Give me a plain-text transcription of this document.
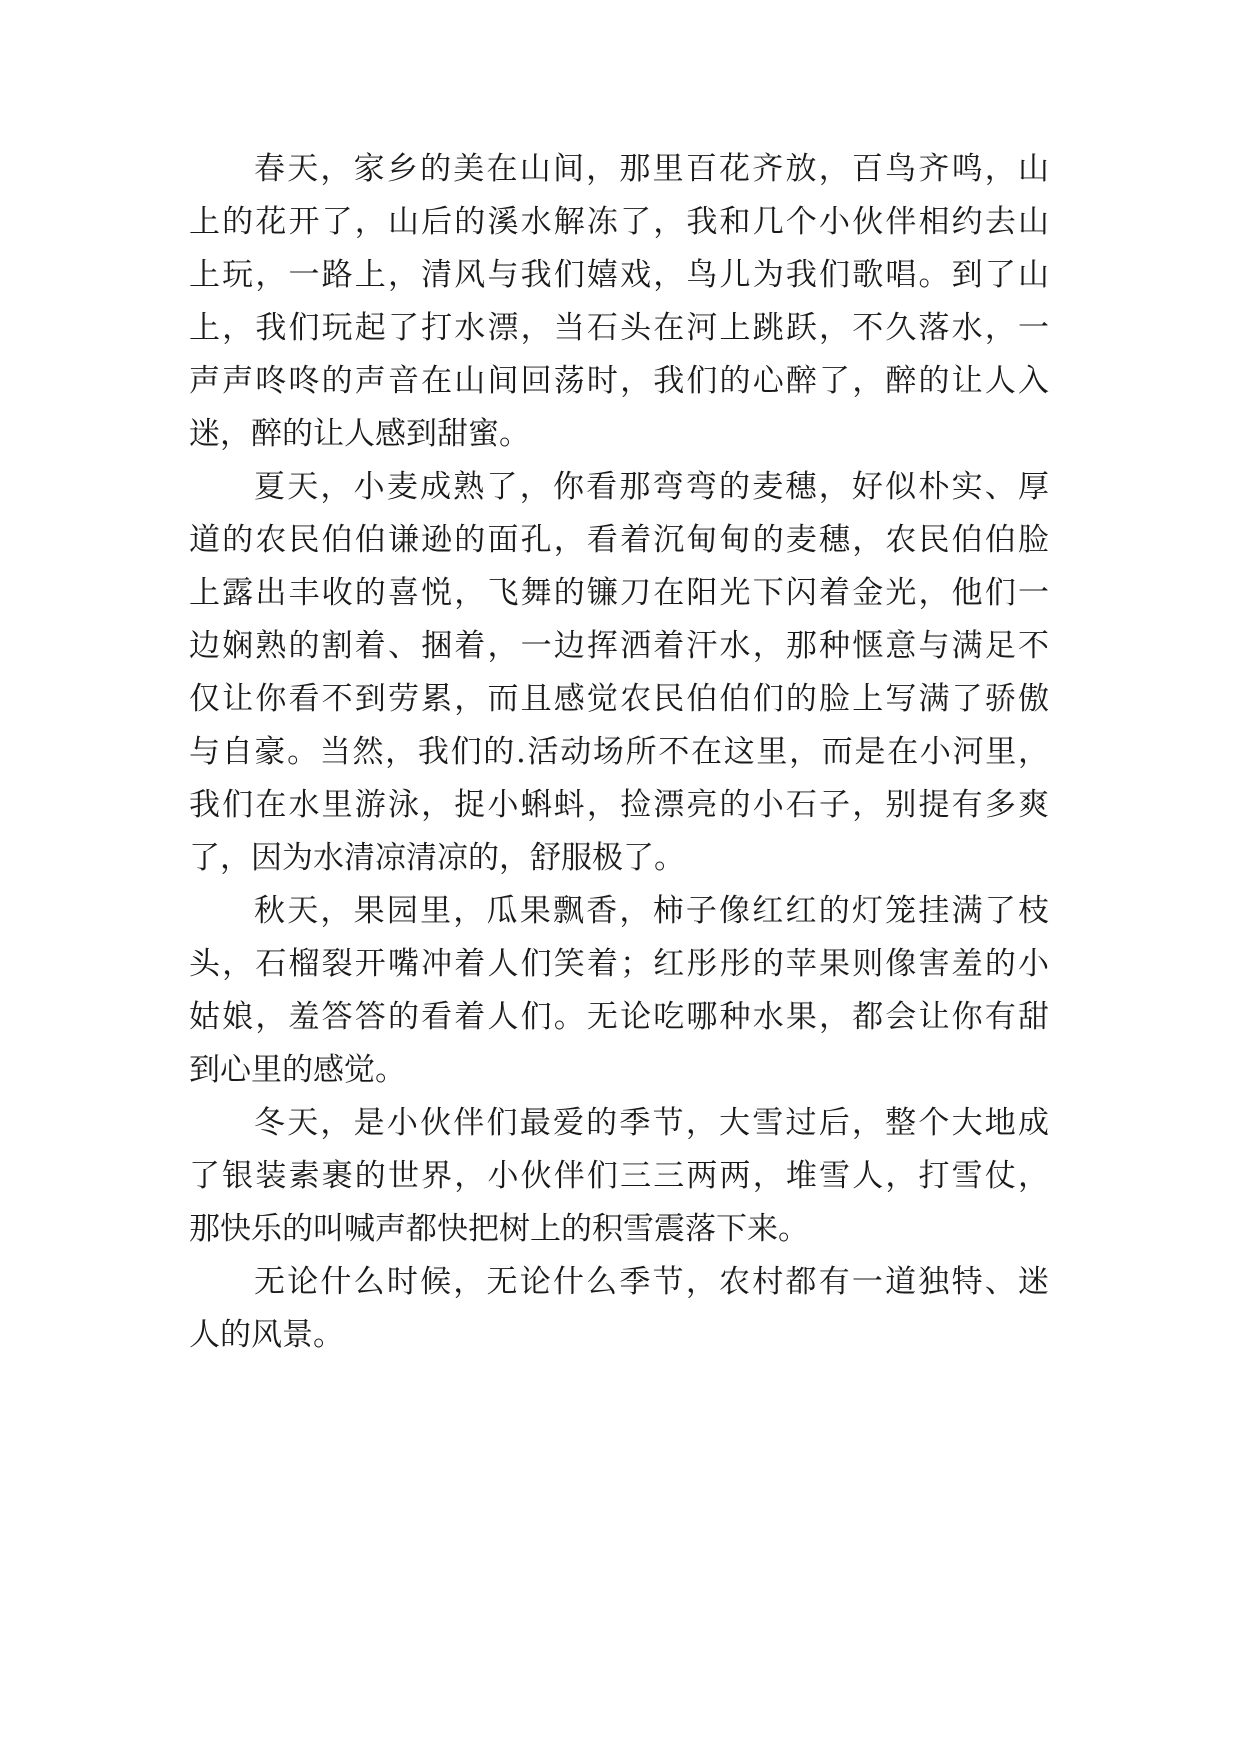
春天，家乡的美在山间，那里百花齐放，百鸟齐鸣，山
上的花开了，山后的溪水解冻了，我和几个小伙伴相约去山
上玩，一路上，清风与我们嬉戏，鸟儿为我们歌唱。到了山
上，我们玩起了打水漂，当石头在河上跳跃，不久落水，一
声声咚咚的声音在山间回荡时，我们的心醉了，醉的让人入
迷，醉的让人感到甜蜜。
夏天，小麦成熟了，你看那弯弯的麦穗，好似朴实、厚
道的农民伯伯谦逊的面孔，看着沉甸甸的麦穗，农民伯伯脸
上露出丰收的喜悦，飞舞的镰刀在阳光下闪着金光，他们一
边娴熟的割着、捆着，一边挥洒着汗水，那种惬意与满足不
仅让你看不到劳累，而且感觉农民伯伯们的脸上写满了骄傲
与自豪。当然，我们的.活动场所不在这里，而是在小河里，
我们在水里游泳，捉小蝌蚪，捡漂亮的小石子，别提有多爽
了，因为水清凉清凉的，舒服极了。
秋天，果园里，瓜果飘香，柿子像红红的灯笼挂满了枝
头，石榴裂开嘴冲着人们笑着；红彤彤的苹果则像害羞的小
姑娘，羞答答的看着人们。无论吃哪种水果，都会让你有甜
到心里的感觉。
冬天，是小伙伴们最爱的季节，大雪过后，整个大地成
了银装素裹的世界，小伙伴们三三两两，堆雪人，打雪仗，
那快乐的叫喊声都快把树上的积雪震落下来。
无论什么时候，无论什么季节，农村都有一道独特、迷
人的风景。
